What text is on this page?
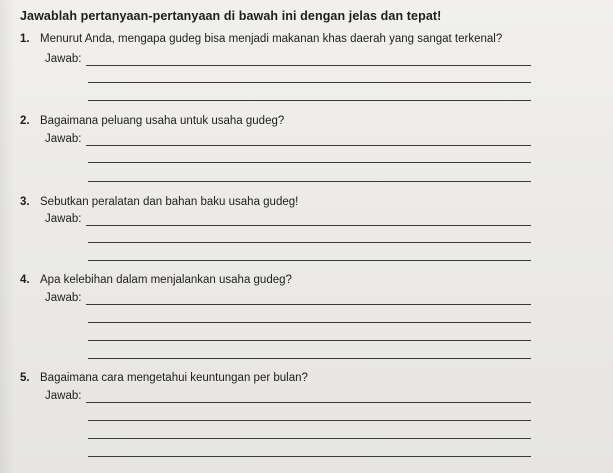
Jawablah pertanyaan-pertanyaan di bawah ini dengan jelas dan tepat!
1. Menurut Anda, mengapa gudeg bisa menjadi makanan khas daerah yang sangat terkenal?
Jawab:
2. Bagaimana peluang usaha untuk usaha gudeg?
Jawab:
3. Sebutkan peralatan dan bahan baku usaha gudeg!
Jawab:
4. Apa kelebihan dalam menjalankan usaha gudeg?
Jawab:
5. Bagaimana cara mengetahui keuntungan per bulan?
Jawab:
